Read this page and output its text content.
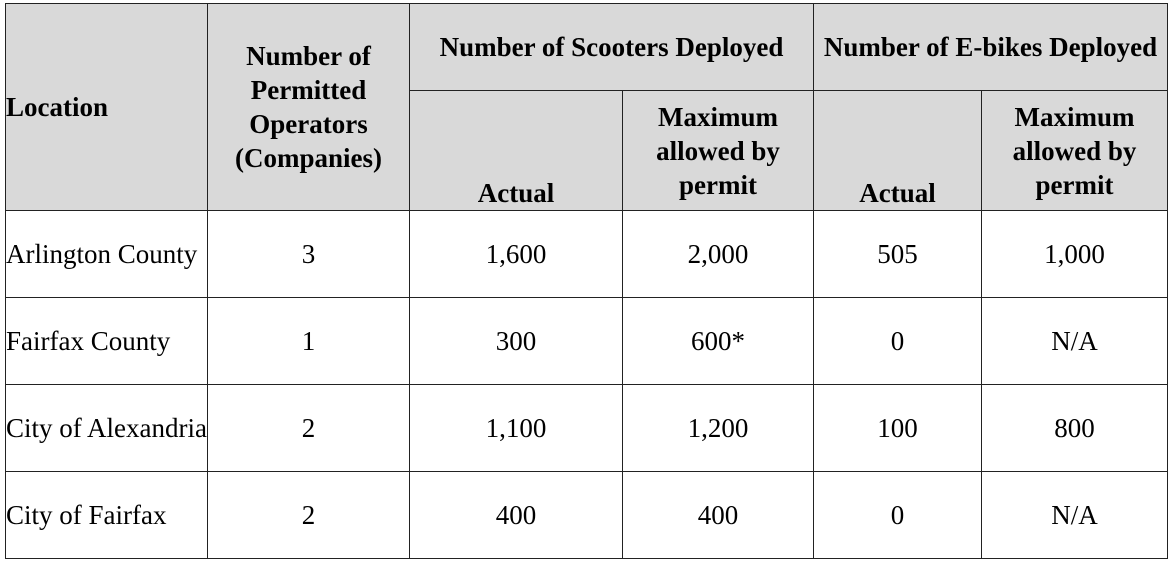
Location	Number of Permitted Operators (Companies)	Number of Scooters Deployed		Number of E-bikes Deployed	
		Actual	Maximum allowed by permit	Actual	Maximum allowed by permit
Arlington County	3	1,600	2,000	505	1,000
Fairfax County	1	300	600*	0	N/A
City of Alexandria	2	1,100	1,200	100	800
City of Fairfax	2	400	400	0	N/A
